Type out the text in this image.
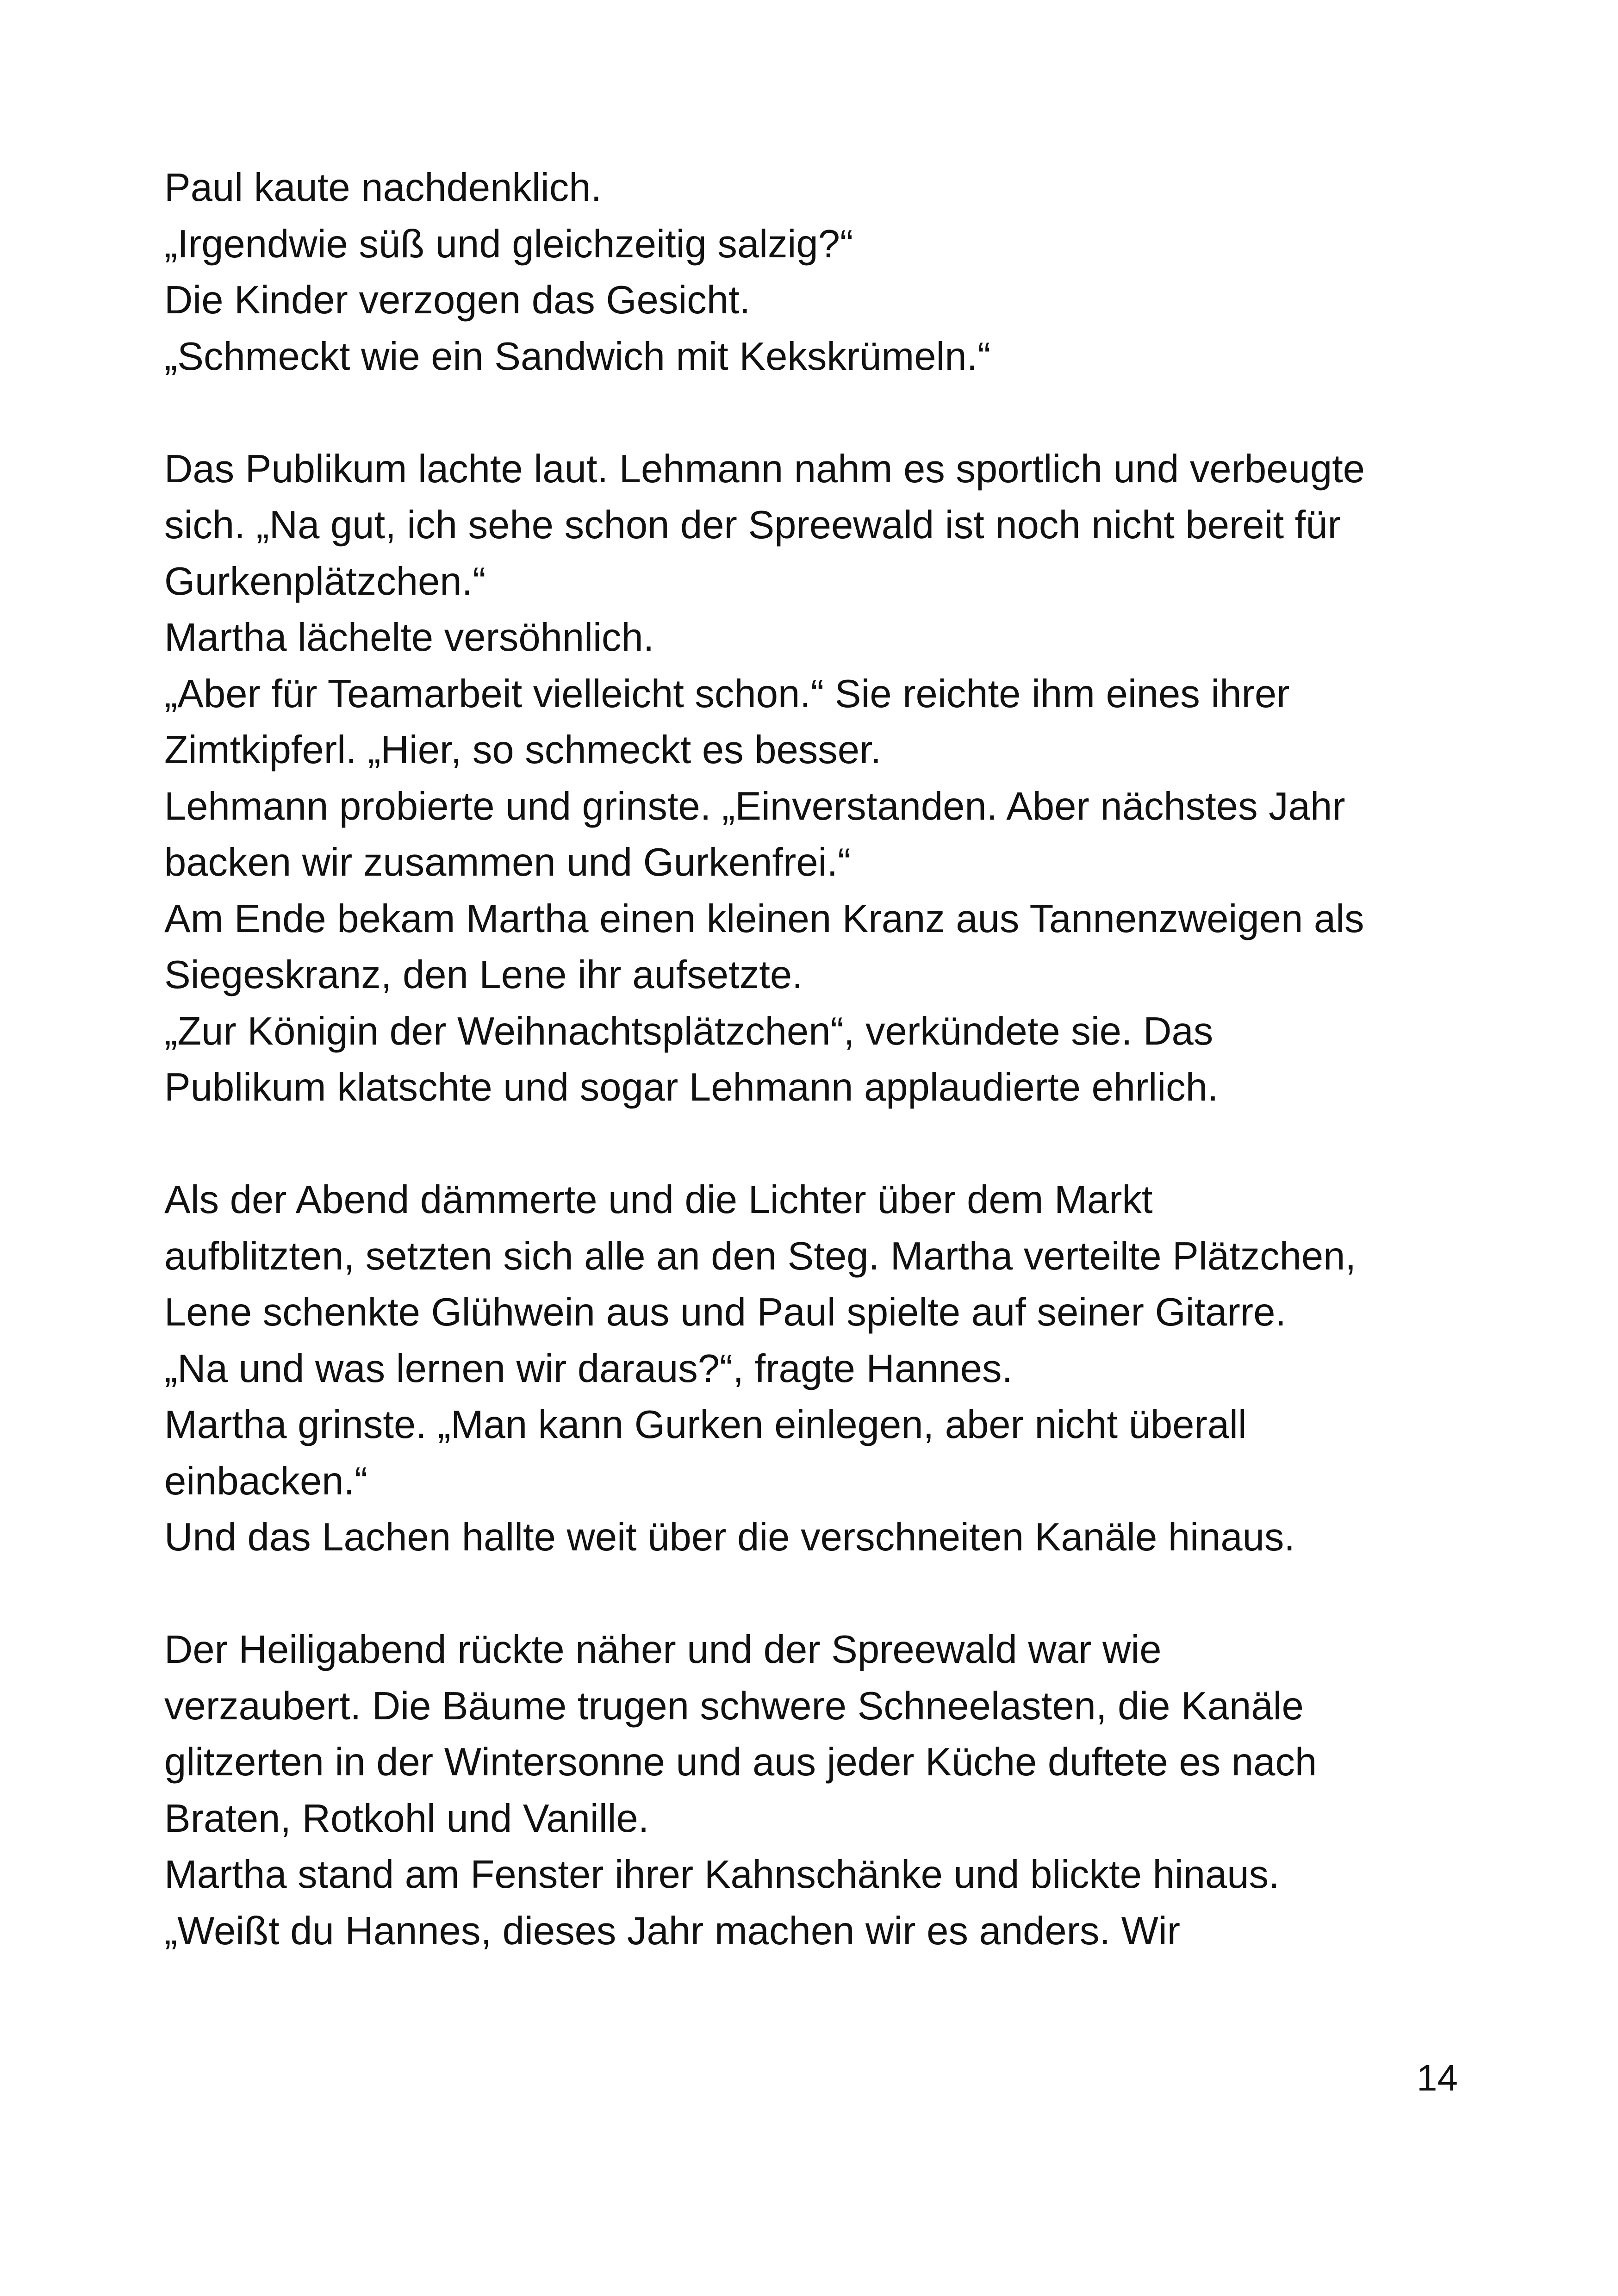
Paul kaute nachdenklich.
„Irgendwie süß und gleichzeitig salzig?“
Die Kinder verzogen das Gesicht.
„Schmeckt wie ein Sandwich mit Kekskrümeln.“
Das Publikum lachte laut. Lehmann nahm es sportlich und verbeugte
sich. „Na gut, ich sehe schon der Spreewald ist noch nicht bereit für
Gurkenplätzchen.“
Martha lächelte versöhnlich.
„Aber für Teamarbeit vielleicht schon.“ Sie reichte ihm eines ihrer
Zimtkipferl. „Hier, so schmeckt es besser.
Lehmann probierte und grinste. „Einverstanden. Aber nächstes Jahr
backen wir zusammen und Gurkenfrei.“
Am Ende bekam Martha einen kleinen Kranz aus Tannenzweigen als
Siegeskranz, den Lene ihr aufsetzte.
„Zur Königin der Weihnachtsplätzchen“, verkündete sie. Das
Publikum klatschte und sogar Lehmann applaudierte ehrlich.
Als der Abend dämmerte und die Lichter über dem Markt
aufblitzten, setzten sich alle an den Steg. Martha verteilte Plätzchen,
Lene schenkte Glühwein aus und Paul spielte auf seiner Gitarre.
„Na und was lernen wir daraus?“, fragte Hannes.
Martha grinste. „Man kann Gurken einlegen, aber nicht überall
einbacken.“
Und das Lachen hallte weit über die verschneiten Kanäle hinaus.
Der Heiligabend rückte näher und der Spreewald war wie
verzaubert. Die Bäume trugen schwere Schneelasten, die Kanäle
glitzerten in der Wintersonne und aus jeder Küche duftete es nach
Braten, Rotkohl und Vanille.
Martha stand am Fenster ihrer Kahnschänke und blickte hinaus.
„Weißt du Hannes, dieses Jahr machen wir es anders. Wir
14
